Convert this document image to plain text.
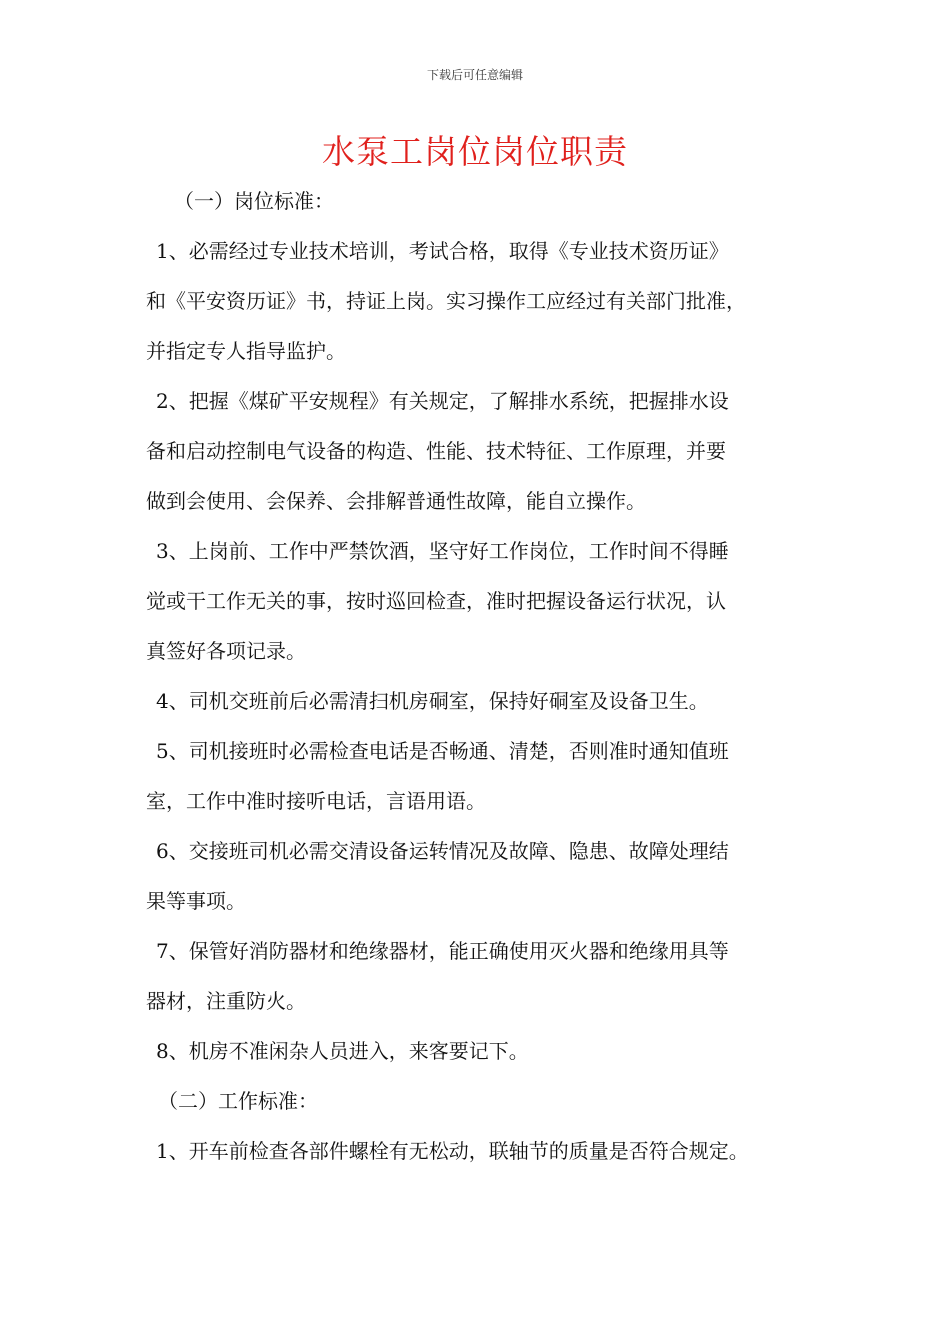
下载后可任意编辑
水泵工岗位岗位职责
（一）岗位标准：
1、必需经过专业技术培训，考试合格，取得《专业技术资历证》
和《平安资历证》书，持证上岗。实习操作工应经过有关部门批准，
并指定专人指导监护。
2、把握《煤矿平安规程》有关规定，了解排水系统，把握排水设
备和启动控制电气设备的构造、性能、技术特征、工作原理，并要
做到会使用、会保养、会排解普通性故障，能自立操作。
3、上岗前、工作中严禁饮酒，坚守好工作岗位，工作时间不得睡
觉或干工作无关的事，按时巡回检查，准时把握设备运行状况，认
真签好各项记录。
4、司机交班前后必需清扫机房硐室，保持好硐室及设备卫生。
5、司机接班时必需检查电话是否畅通、清楚，否则准时通知值班
室，工作中准时接听电话，言语用语。
6、交接班司机必需交清设备运转情况及故障、隐患、故障处理结
果等事项。
7、保管好消防器材和绝缘器材，能正确使用灭火器和绝缘用具等
器材，注重防火。
8、机房不准闲杂人员进入，来客要记下。
（二）工作标准：
1、开车前检查各部件螺栓有无松动，联轴节的质量是否符合规定。
